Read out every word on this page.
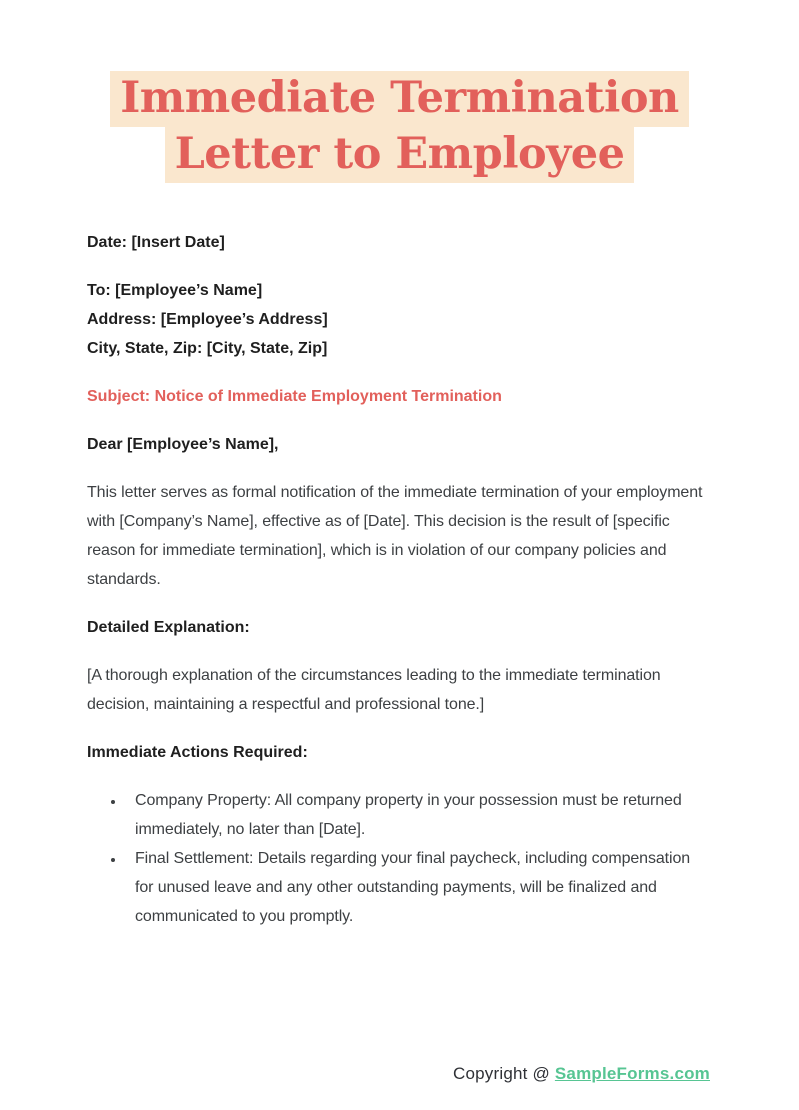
Immediate Termination
Letter to Employee

Date: [Insert Date]

To: [Employee’s Name]

Address: [Employee’s Address]

City, State, Zip: [City, State, Zip]

Subject: Notice of Immediate Employment Termination

Dear [Employee’s Name],

This letter serves as formal notification of the immediate termination of your employment with [Company’s Name], effective as of [Date]. This decision is the result of [specific reason for immediate termination], which is in violation of our company policies and standards.

Detailed Explanation:

[A thorough explanation of the circumstances leading to the immediate termination decision, maintaining a respectful and professional tone.]

Immediate Actions Required:

• Company Property: All company property in your possession must be returned immediately, no later than [Date].
• Final Settlement: Details regarding your final paycheck, including compensation for unused leave and any other outstanding payments, will be finalized and communicated to you promptly.
Copyright @ SampleForms.com
